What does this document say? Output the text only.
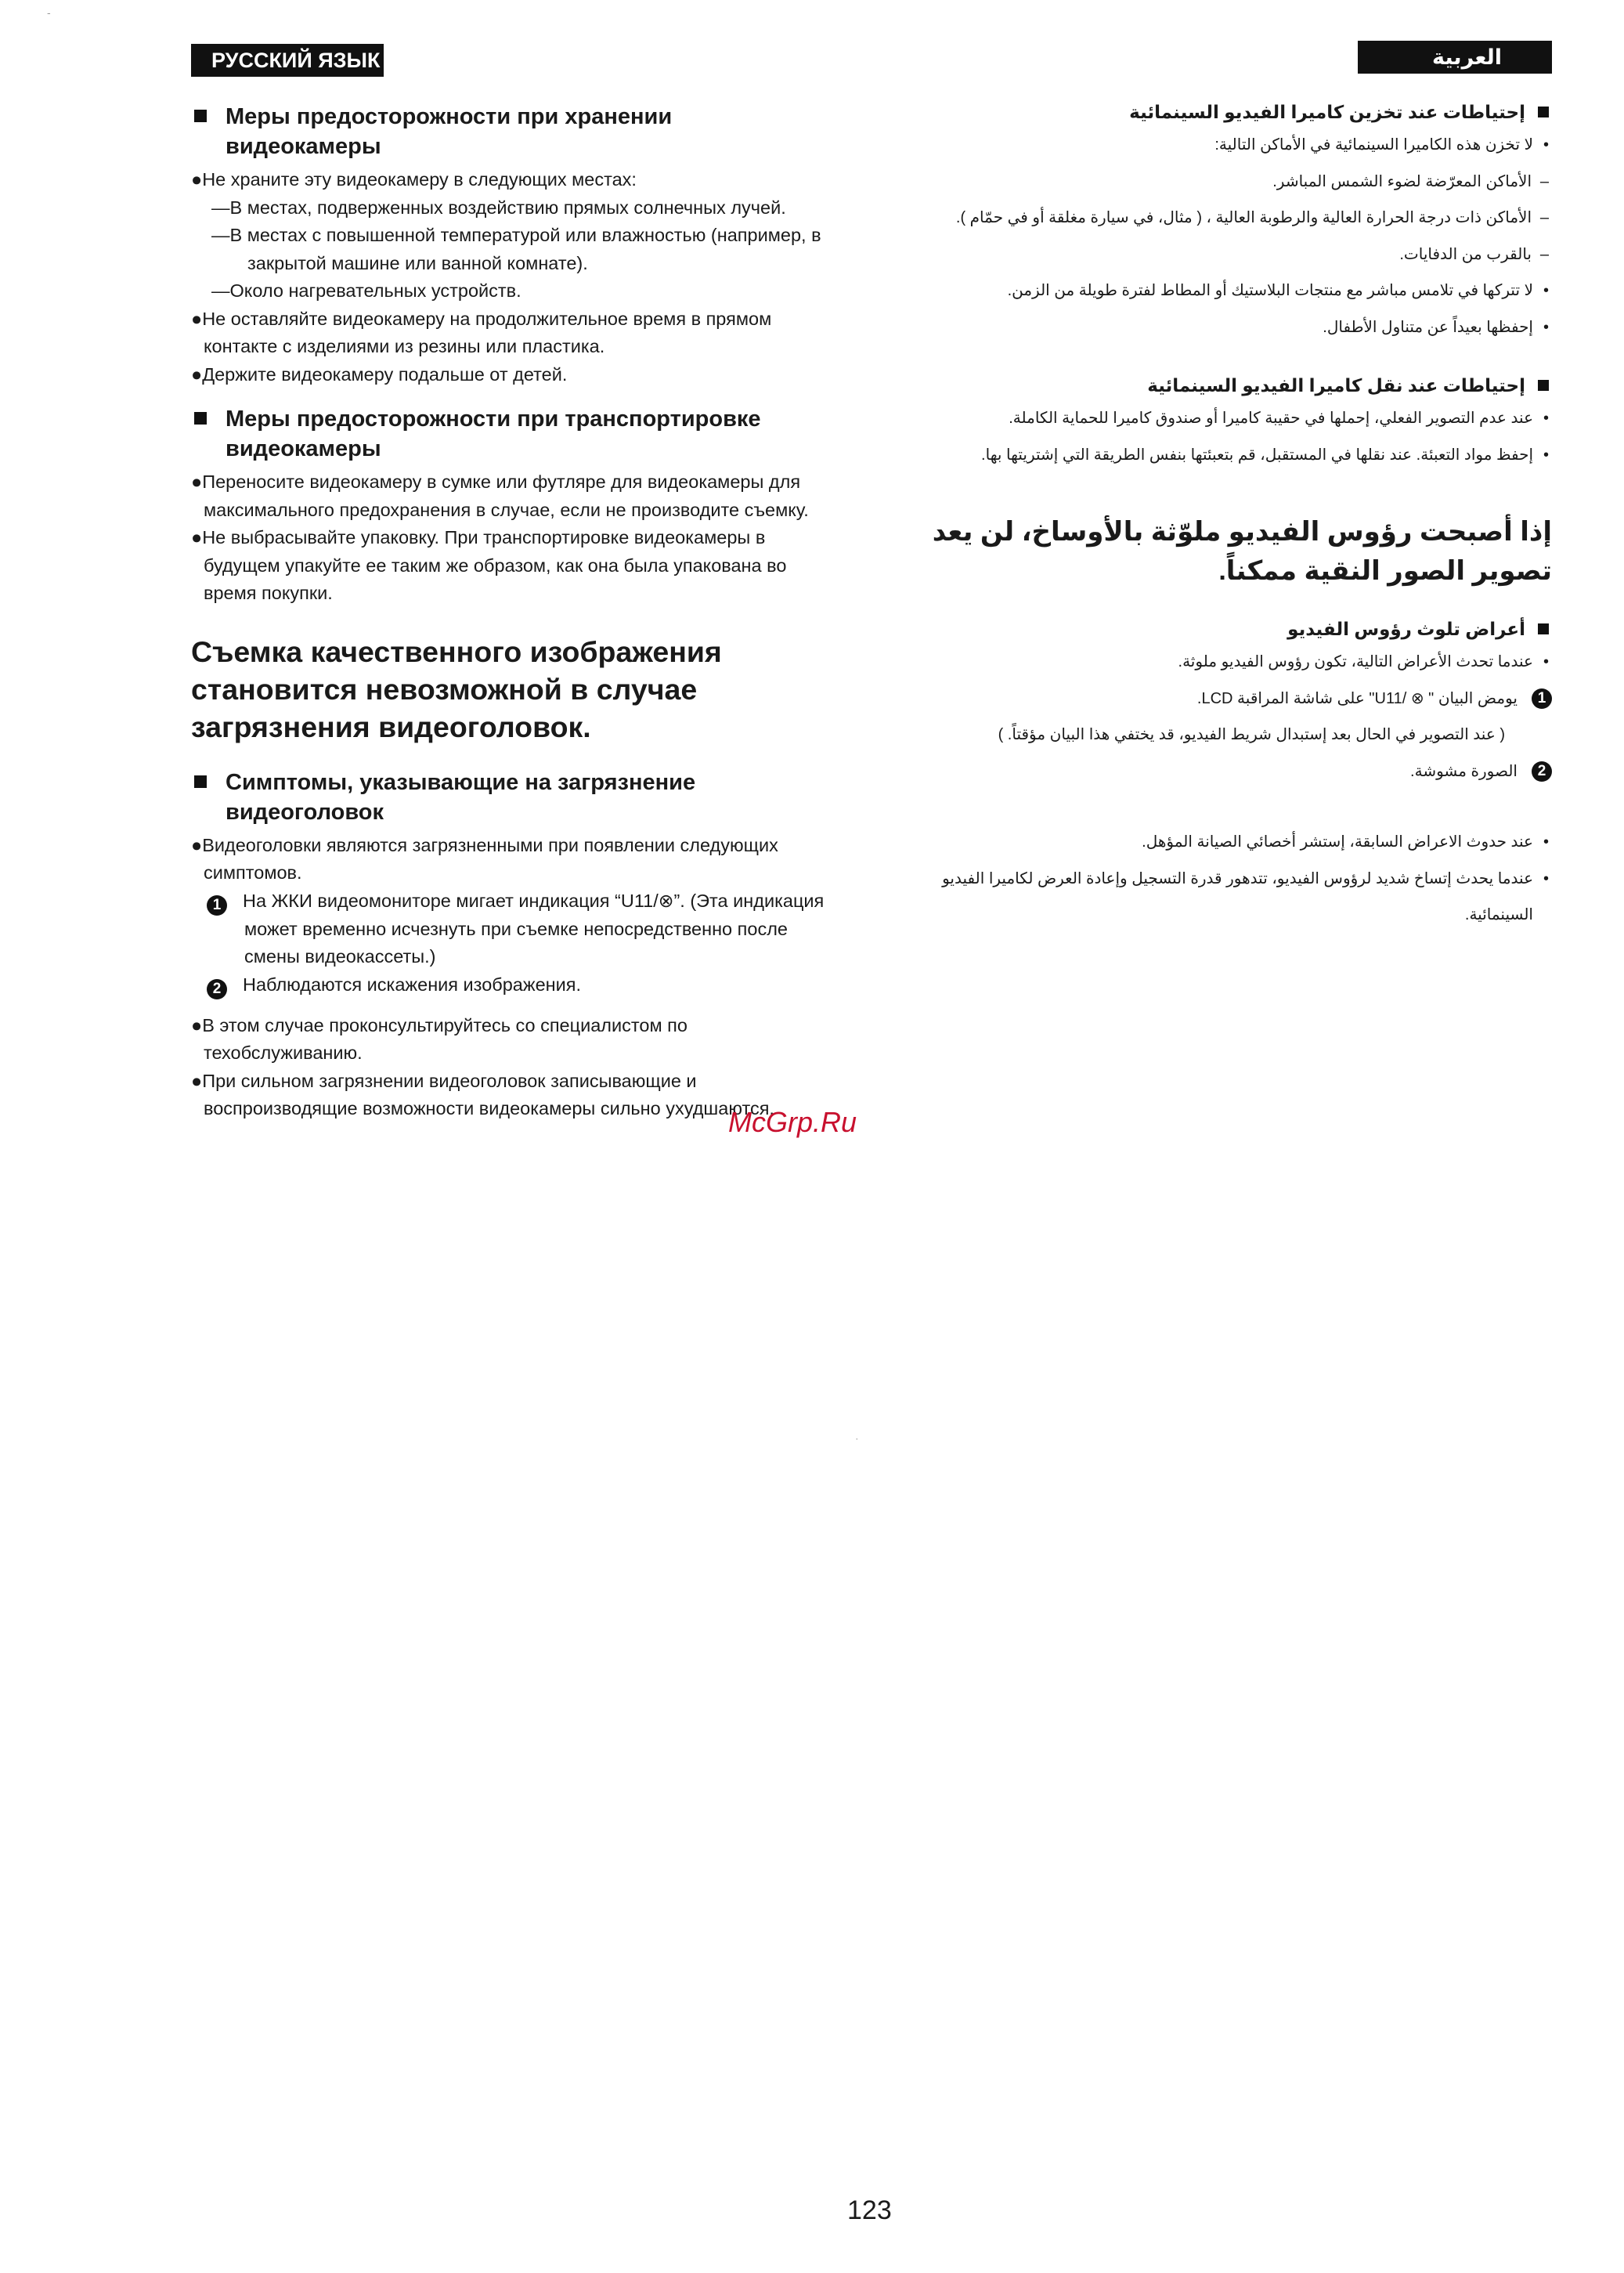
-
·
РУССКИЙ ЯЗЫК	العربية
Меры предосторожности при хранении видеокамеры
●Не храните эту видеокамеру в следующих местах:
—В местах, подверженных воздействию прямых солнечных лучей.
—В местах с повышенной температурой или влажностью (например, в закрытой машине или ванной комнате).
—Около нагревательных устройств.
●Не оставляйте видеокамеру на продолжительное время в прямом контакте с изделиями из резины или пластика.
●Держите видеокамеру подальше от детей.
Меры предосторожности при транспортировке видеокамеры
●Переносите видеокамеру в сумке или футляре для видеокамеры для максимального предохранения в случае, если не производите съемку.
●Не выбрасывайте упаковку. При транспортировке видеокамеры в будущем упакуйте ее таким же образом, как она была упакована во время покупки.
Съемка качественного изображения становится невозможной в случае загрязнения видеоголовок.
Симптомы, указывающие на загрязнение видеоголовок
●Видеоголовки являются загрязненными при появлении следующих симптомов.
1 На ЖКИ видеомониторе мигает индикация “U11/⊗”. (Эта индикация может временно исчезнуть при съемке непосредственно после смены видеокассеты.)
2 Наблюдаются искажения изображения.
●В этом случае проконсультируйтесь со специалистом по техобслуживанию.
●При сильном загрязнении видеоголовок записывающие и воспроизводящие возможности видеокамеры сильно ухудшаются.
إحتياطات عند تخزين كاميرا الفيديو السينمائية
• لا تخزن هذه الكاميرا السينمائية في الأماكن التالية:
– الأماكن المعرّضة لضوء الشمس المباشر.
– الأماكن ذات درجة الحرارة العالية والرطوبة العالية ، ( مثال، في سيارة مغلقة أو في حمّام ).
– بالقرب من الدفايات.
• لا تتركها في تلامس مباشر مع منتجات البلاستيك أو المطاط لفترة طويلة من الزمن.
• إحفظها بعيداً عن متناول الأطفال.
إحتياطات عند نقل كاميرا الفيديو السينمائية
• عند عدم التصوير الفعلي، إحملها في حقيبة كاميرا أو صندوق كاميرا للحماية الكاملة.
• إحفظ مواد التعبئة. عند نقلها في المستقبل، قم بتعبئتها بنفس الطريقة التي إشتريتها بها.
إذا أصبحت رؤوس الفيديو ملوّثة بالأوساخ، لن يعد تصوير الصور النقية ممكناً.
أعراض تلوث رؤوس الفيديو
• عندما تحدث الأعراض التالية، تكون رؤوس الفيديو ملوثة.
1
يومض البيان " ⊗ /U11" على شاشة المراقبة LCD.
( عند التصوير في الحال بعد إستبدال شريط الفيديو، قد يختفي هذا البيان مؤقتاً. )
2
الصورة مشوشة.
• عند حدوث الاعراض السابقة، إستشر أخصائي الصيانة المؤهل.
• عندما يحدث إتساخ شديد لرؤوس الفيديو، تتدهور قدرة التسجيل وإعادة العرض لكاميرا الفيديو السينمائية.
McGrp.Ru
123
